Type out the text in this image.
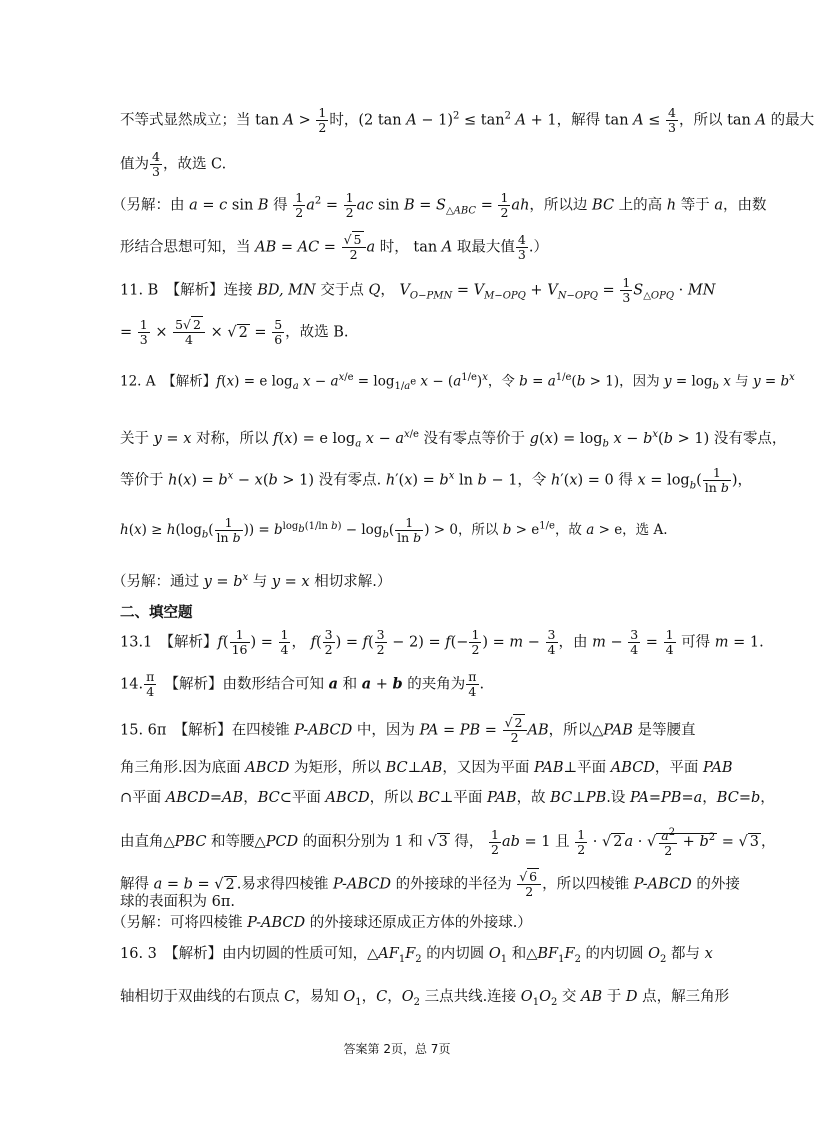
不等式显然成立；当 $\tan A > \frac{1}{2}$ 时，(2 $\tan A - 1)^2 \le \tan^2 A + 1$，解得 $\tan A \le \frac{4}{3}$ ，所以 tan A 的最大
值为 $\frac{4}{3}$ ，故选 C.
（另解：由 a = c sin B 得 $\frac{1}{2} a^2 = \frac{1}{2}$ ac $\sin B = S_{\triangle ABC} = \frac{1}{2}$ ah，所以边 BC 上的高 h 等于 a，由数
形结合思想可知，当 AB = AC = $\frac{√ 5}{2}$ a 时， tan A 取最大值 $\frac{4}{3}$ .）
11. B　【解析】连接 BD, MN 交于点 Q， $V_{O-PMN} = V_{M-OPQ} + V_{N-OPQ} = \frac{1}{3} S_{\triangle OPQ}$ · MN
= $\frac{1}{3} \times \frac{5√ 2}{4}$ × √ $2 = \frac{5}{6}$ ，故选 B.
12. A　【解析】f(x) = e $\log_a x - a^{x/e} = \log_{1/a^e} x - (a^{1/e})^x$，令 $b = a^{1/e}(b > 1)$，因为 $y = \log_b x$ 与 $y = b^x$
关于 y = x 对称，所以 f(x) = e $\log_a x - a^{x/e}$ 没有零点等价于 $g(x) = \log_b x - b^x(b > 1)$ 没有零点，
等价于 $h(x) = b^x - x(b > 1)$ 没有零点. $h'(x) = b^x$ ln b − 1，令 h′(x) = 0 得 $x = \log_b( \frac{1}{\text{ln b}}$ )，
$h(x) \ge h(\log_b( \frac{1}{\text{ln b}}$ )) = $b^{log_b(1/ln b)} - \log_b( \frac{1}{\text{ln b}}$ ) > 0，所以 $b > e^{1/e}$，故 a > e，选 A.
（另解：通过 $y = b^x$ 与 y = x 相切求解.）
二、填空题
13.1　【解析】$f( \frac{1}{16}$ ) = $\frac{1}{4}$ ， $f( \frac{3}{2}$ ) = $f( \frac{3}{2} - 2) = f(- \frac{1}{2}$ ) = $m - \frac{3}{4}$ ，由 $m - \frac{3}{4} = \frac{1}{4}$ 可得 m = 1.
14. $\frac{\pi}{4}$ 　【解析】由数形结合可知 a 和 a + b 的夹角为 $\frac{\pi}{4}$ .
15. 6π　【解析】在四棱锥 P-ABCD 中，因为 PA = PB = $\frac{√ 2}{2}$ AB，所以△PAB 是等腰直
角三角形.因为底面 ABCD 为矩形，所以 BC⊥AB，又因为平面 PAB⊥平面 ABCD，平面 PAB
∩平面 ABCD=AB，BC⊂平面 ABCD，所以 BC⊥平面 PAB，故 BC⊥PB.设 PA=PB=a，BC=b，
由直角△PBC 和等腰△PCD 的面积分别为 1 和 √ 3 得， $\frac{1}{2}$ ab = 1 且 $\frac{1}{2}$ · √ 2 a · √ $\frac{a^2}{2} + b^2$ = √ 3 ，
解得 a = b = √ 2 .易求得四棱锥 P-ABCD 的外接球的半径为 $\frac{√ 6}{2}$ ，所以四棱锥 P-ABCD 的外接
球的表面积为 6π.
（另解：可将四棱锥 P-ABCD 的外接球还原成正方体的外接球.）
16. 3　【解析】由内切圆的性质可知，$\triangle AF_1F_2$ 的内切圆 $O_1$ 和$\triangle BF_1F_2$ 的内切圆 $O_2$ 都与 x
轴相切于双曲线的右顶点 C，易知 $O_1$，C，$O_2$ 三点共线.连接 $O_1O_2$ 交 AB 于 D 点，解三角形
答案第 2页，总 7页
